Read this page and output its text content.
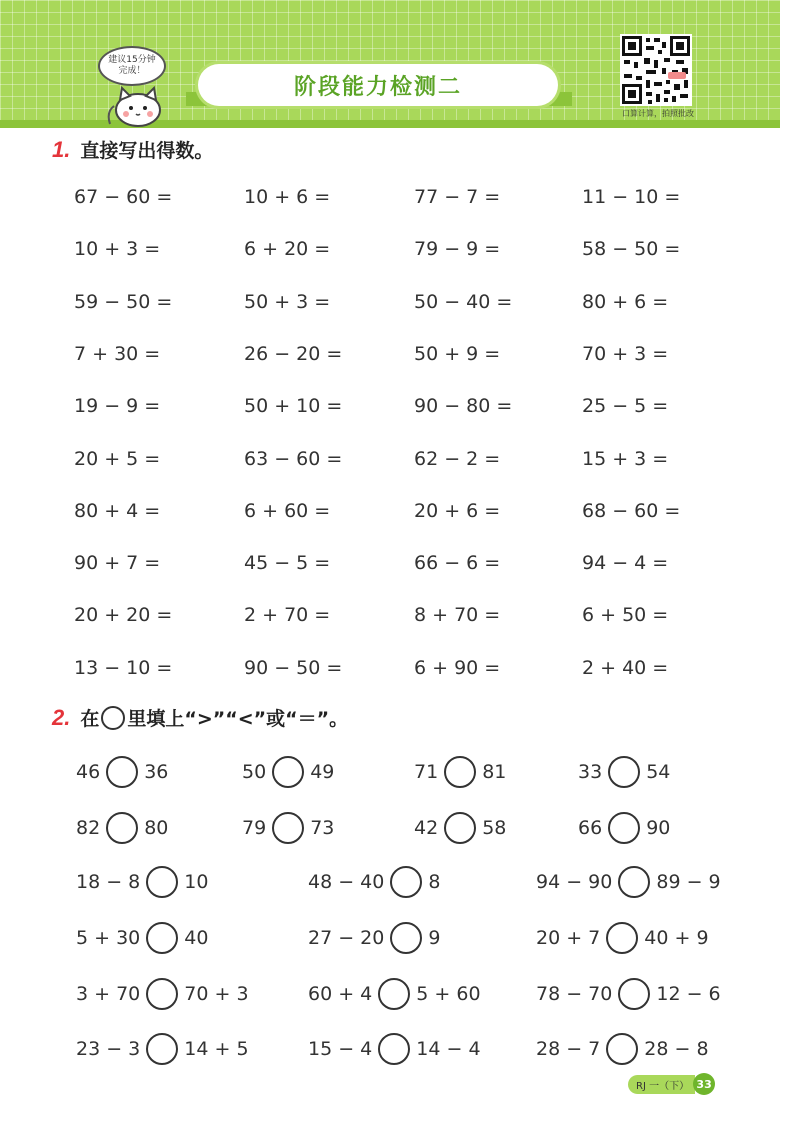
建议15分钟
完成！
阶段能力检测二
口算计算，拍照批改
1. 直接写出得数。
67 − 60 =	10 + 6 =	77 − 7 =	11 − 10 =
10 + 3 =	6 + 20 =	79 − 9 =	58 − 50 =
59 − 50 =	50 + 3 =	50 − 40 =	80 + 6 =
7 + 30 =	26 − 20 =	50 + 9 =	70 + 3 =
19 − 9 =	50 + 10 =	90 − 80 =	25 − 5 =
20 + 5 =	63 − 60 =	62 − 2 =	15 + 3 =
80 + 4 =	6 + 60 =	20 + 6 =	68 − 60 =
90 + 7 =	45 − 5 =	66 − 6 =	94 − 4 =
20 + 20 =	2 + 70 =	8 + 70 =	6 + 50 =
13 − 10 =	90 − 50 =	6 + 90 =	2 + 40 =
2. 在 里填上“>”“<”或“＝”。
46 36	50 49	71 81	33 54
82 80	79 73	42 58	66 90
18 − 8 10	48 − 40 8	94 − 90 89 − 9
5 + 30 40	27 − 20 9	20 + 7 40 + 9
3 + 70 70 + 3	60 + 4 5 + 60	78 − 70 12 − 6
23 − 3 14 + 5	15 − 4 14 − 4	28 − 7 28 − 8
RJ 一（下） 33
